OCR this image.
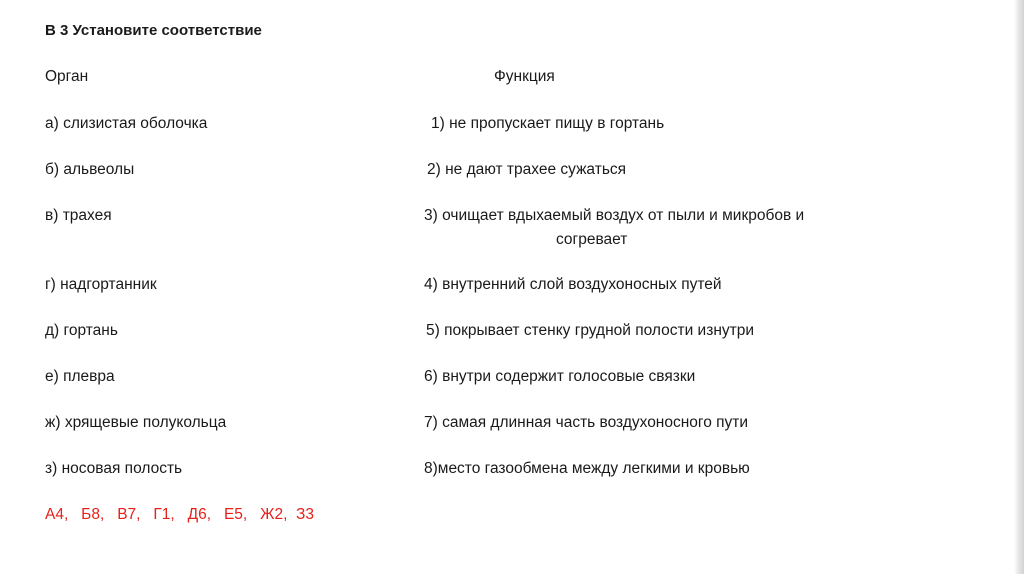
В 3 Установите соответствие
Орган	Функция
а) слизистая оболочка
б) альвеолы
в) трахея
г) надгортанник
д) гортань
е) плевра
ж) хрящевые полукольца
з) носовая полость
1) не пропускает пищу в гортань
2) не дают трахее сужаться
3) очищает вдыхаемый воздух от пыли и микробов и
согревает
4) внутренний слой воздухоносных путей
5) покрывает стенку грудной полости изнутри
6) внутри содержит голосовые связки
7) самая длинная часть воздухоносного пути
8)место газообмена между легкими и кровью
А4,   Б8,   В7,   Г1,   Д6,   Е5,   Ж2,  З3
